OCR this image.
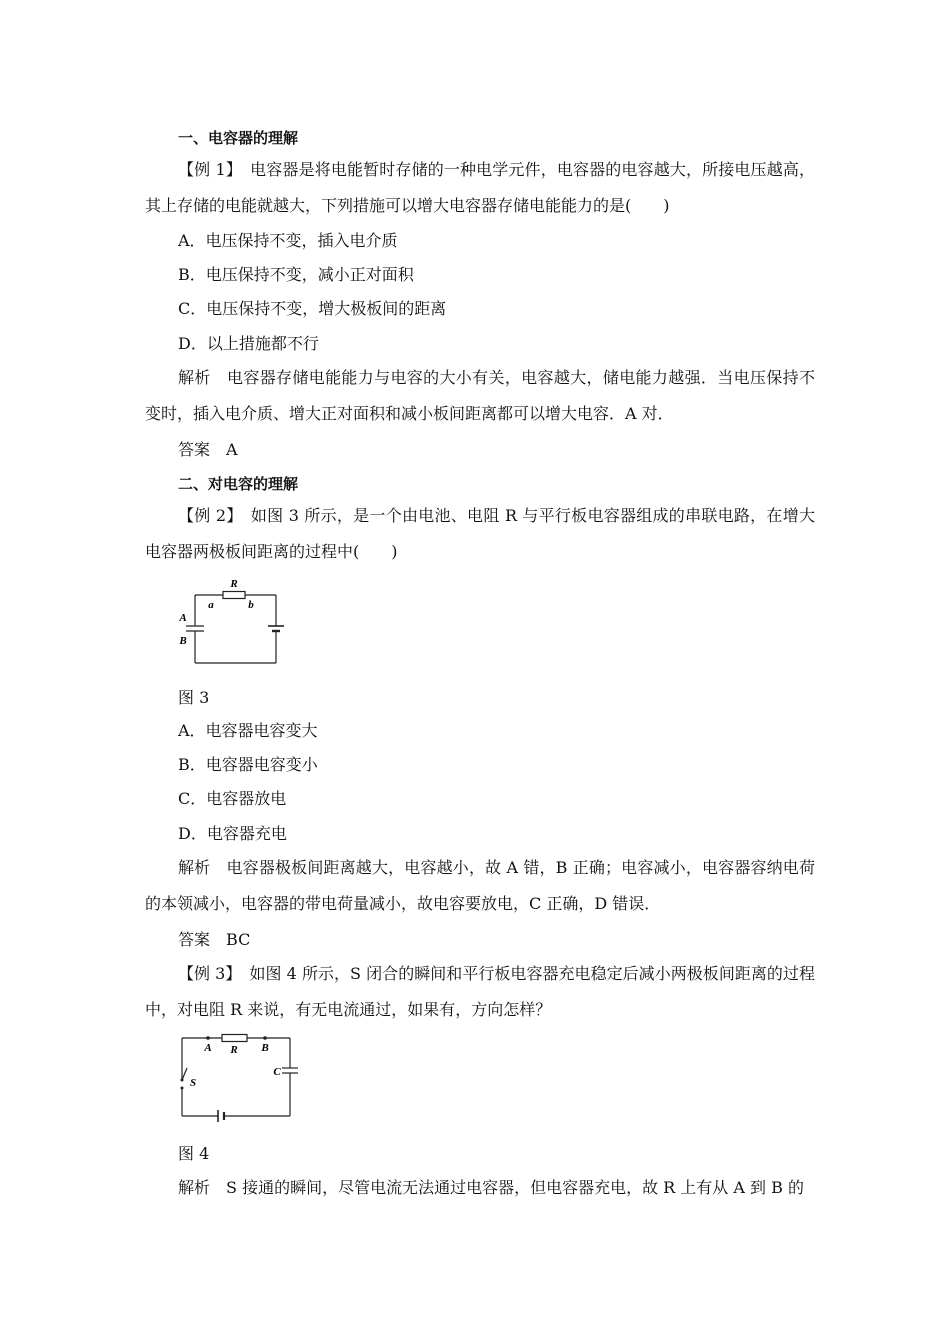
一、电容器的理解
【例 1】　 电容器是将电能暂时存储的一种电学元件，电容器的电容越大，所接电压越高，其上存储的电能就越大，下列措施可以增大电容器存储电能能力的是(　　)
A．电压保持不变，插入电介质
B．电压保持不变，减小正对面积
C．电压保持不变，增大极板间的距离
D．以上措施都不行
解析　 电容器存储电能能力与电容的大小有关，电容越大，储电能力越强．当电压保持不变时，插入电介质、增大正对面积和减小板间距离都可以增大电容．A 对．
答案　 A
二、对电容的理解
【例 2】　 如图 3 所示，是一个由电池、电阻 R 与平行板电容器组成的串联电路，在增大电容器两极板间距离的过程中(　　)
R
a	b
A
B
图 3
A．电容器电容变大
B．电容器电容变小
C．电容器放电
D．电容器充电
解析　 电容器极板间距离越大，电容越小，故 A 错，B 正确；电容减小，电容器容纳电荷的本领减小，电容器的带电荷量减小，故电容要放电，C 正确，D 错误．
答案　 BC
【例 3】　 如图 4 所示，S 闭合的瞬间和平行板电容器充电稳定后减小两极板间距离的过程中，对电阻 R 来说，有无电流通过，如果有，方向怎样？
A R B
C
S
图 4
解析　 S 接通的瞬间，尽管电流无法通过电容器，但电容器充电，故 R 上有从 A 到 B 的
